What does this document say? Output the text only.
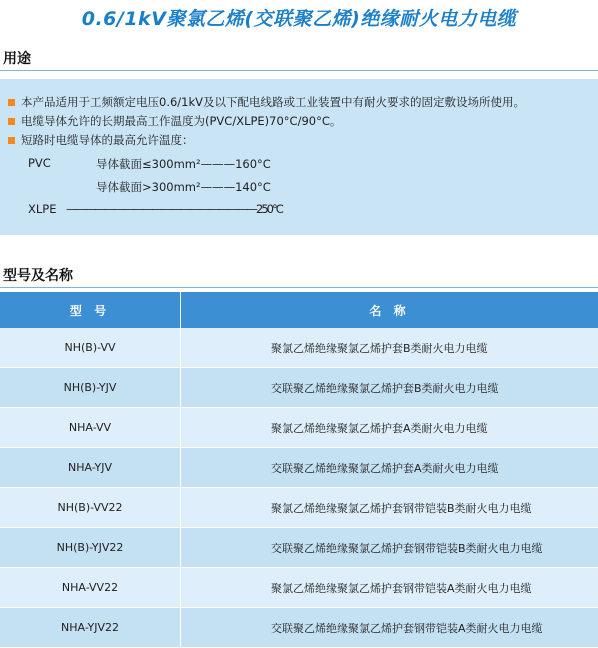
0.6/1kV聚氯乙烯(交联聚乙烯)绝缘耐火电力电缆
用途
本产品适用于工频额定电压0.6/1kV及以下配电线路或工业装置中有耐火要求的固定敷设场所使用。
电缆导体允许的长期最高工作温度为(PVC/XLPE)70°C/90°C。
短路时电缆导体的最高允许温度：
PVC	导体截面≤300mm²———160°C
导体截面>300mm²———140°C
XLPE ————————————————————250°C
型号及名称
型 号	名 称
NH(B)-VV	聚氯乙烯绝缘聚氯乙烯护套B类耐火电力电缆
NH(B)-YJV	交联聚乙烯绝缘聚氯乙烯护套B类耐火电力电缆
NHA-VV	聚氯乙烯绝缘聚氯乙烯护套A类耐火电力电缆
NHA-YJV	交联聚乙烯绝缘聚氯乙烯护套A类耐火电力电缆
NH(B)-VV22	聚氯乙烯绝缘聚氯乙烯护套钢带铠装B类耐火电力电缆
NH(B)-YJV22	交联聚乙烯绝缘聚氯乙烯护套钢带铠装B类耐火电力电缆
NHA-VV22	聚氯乙烯绝缘聚氯乙烯护套钢带铠装A类耐火电力电缆
NHA-YJV22	交联聚乙烯绝缘聚氯乙烯护套钢带铠装A类耐火电力电缆
